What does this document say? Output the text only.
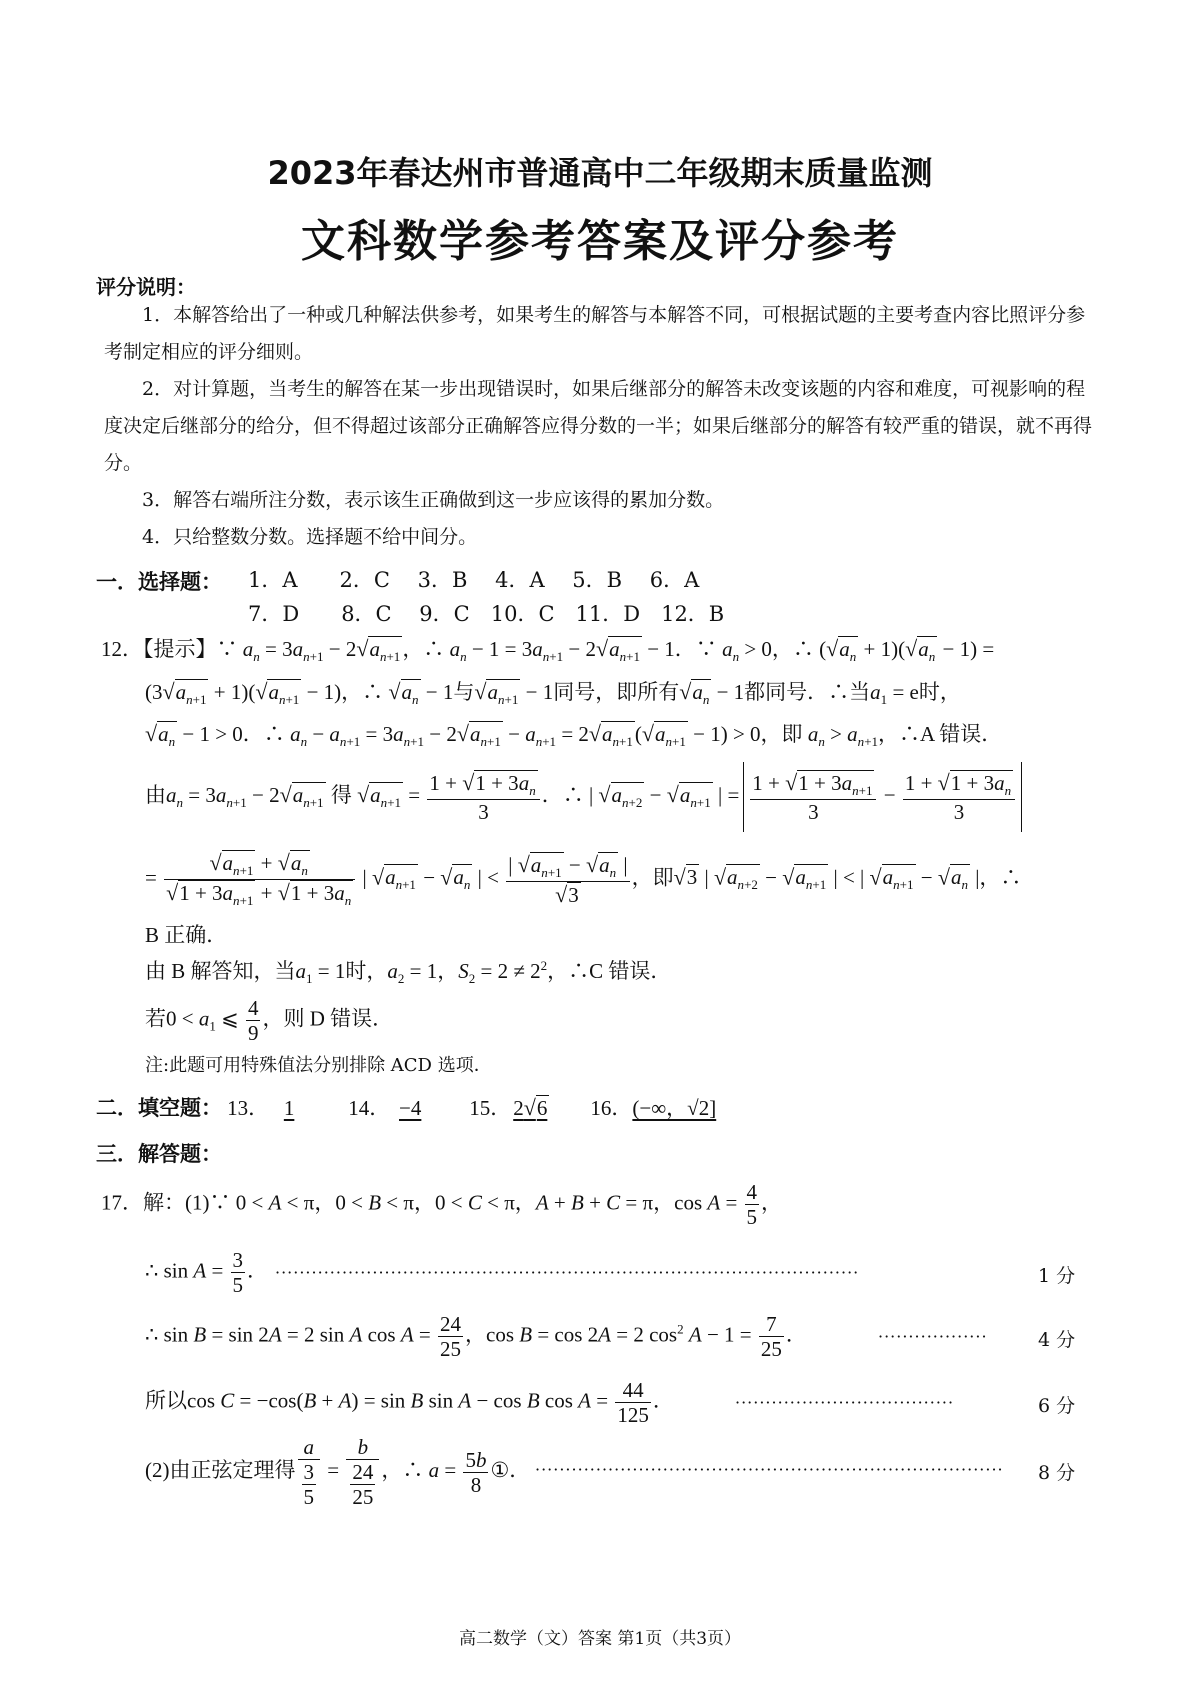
2023年春达州市普通高中二年级期末质量监测
文科数学参考答案及评分参考
评分说明：
1．本解答给出了一种或几种解法供参考，如果考生的解答与本解答不同，可根据试题的主要考查内容比照评分参考制定相应的评分细则。
2．对计算题，当考生的解答在某一步出现错误时，如果后继部分的解答未改变该题的内容和难度，可视影响的程度决定后继部分的给分，但不得超过该部分正确解答应得分数的一半；如果后继部分的解答有较严重的错误，就不再得分。
3．解答右端所注分数，表示该生正确做到这一步应该得的累加分数。
4．只给整数分数。选择题不给中间分。
一．选择题： 1．A　　2．C　 3．B　 4．A　 5．B　 6．A
7．D　　8．C　 9．C　10．C　11．D　12．B
12．【提示】∵ $a_n = 3a_{n+1} - 2√a_{n+1}$，∴ $a_n - 1 = 3a_{n+1} - 2√a_{n+1} - 1$．∵ $a_n > 0$，∴ $(√a_n + 1)(√a_n - 1)$ =
$(3√a_{n+1} + 1)(√a_{n+1} - 1)$，∴ $√a_n - 1$与$√a_{n+1} - 1$同号，即所有$√a_n - 1$都同号．∴当$a_1 = e$时，
$√a_n - 1 > 0$．∴ $a_n - a_{n+1} = 3a_{n+1} - 2√a_{n+1} - a_{n+1} = 2√a_{n+1}(√a_{n+1} - 1) > 0$，即 $a_n > a_{n+1}$，∴A 错误．
由$a_n = 3a_{n+1} - 2√a_{n+1}$ 得 $√a_{n+1} = \frac{1 + √1 + 3a_n}{3}$ ．∴ | $√a_{n+2} - √a_{n+1}$ | = $\frac{1 + √1 + 3a_{n+1}}{3} - \frac{1 + √1 + 3a_n}{3}$
= $\frac{√a_{n+1} + √a_n}{√1 + 3a_{n+1} + √1 + 3a_n}$ | $√a_{n+1} - √a_n$ | < $\frac{| √a_{n+1} - √a_n |}{√3}$ ，即√3 | $√a_{n+2} - √a_{n+1}$ | < | $√a_{n+1} - √a_n$ |，∴
B 正确．
由 B 解答知，当$a_1 = 1$时，$a_2 = 1$，$S_2 = 2 \ne 2^2$，∴C 错误．
若$0 < a_1$ ⩽ $\frac{4}{9}$ ，则 D 错误．
注:此题可用特殊值法分别排除 ACD 选项．
二．填空题： 13． 1	14． −4 15．2√6 16．(−∞，√2]
三．解答题：
17．解：(1)∵ 0 < A < π，0 < B < π，0 < C < π，A + B + C = π，$\cos A = \frac{4}{5}$ ，
∴ $\sin A = \frac{3}{5}$ ． ································································································	1 分
∴ sin B = sin 2A = 2 sin A $\cos A = \frac{24}{25}$ ，cos B = cos 2A = 2 $\cos^2 A - 1 = \frac{7}{25}$ ．	··················	4 分
所以cos C = −cos(B + A) = sin B sin A − cos B $\cos A = \frac{44}{125}$ ．	····································	6 分
(2)由正弦定理得 $\frac{a}{\frac{3}{5}} = \frac{b}{\frac{24}{25}}$ ，∴ $a = \frac{5b}{8}$ ①． ·············································································	8 分
高二数学（文）答案 第1页（共3页）
